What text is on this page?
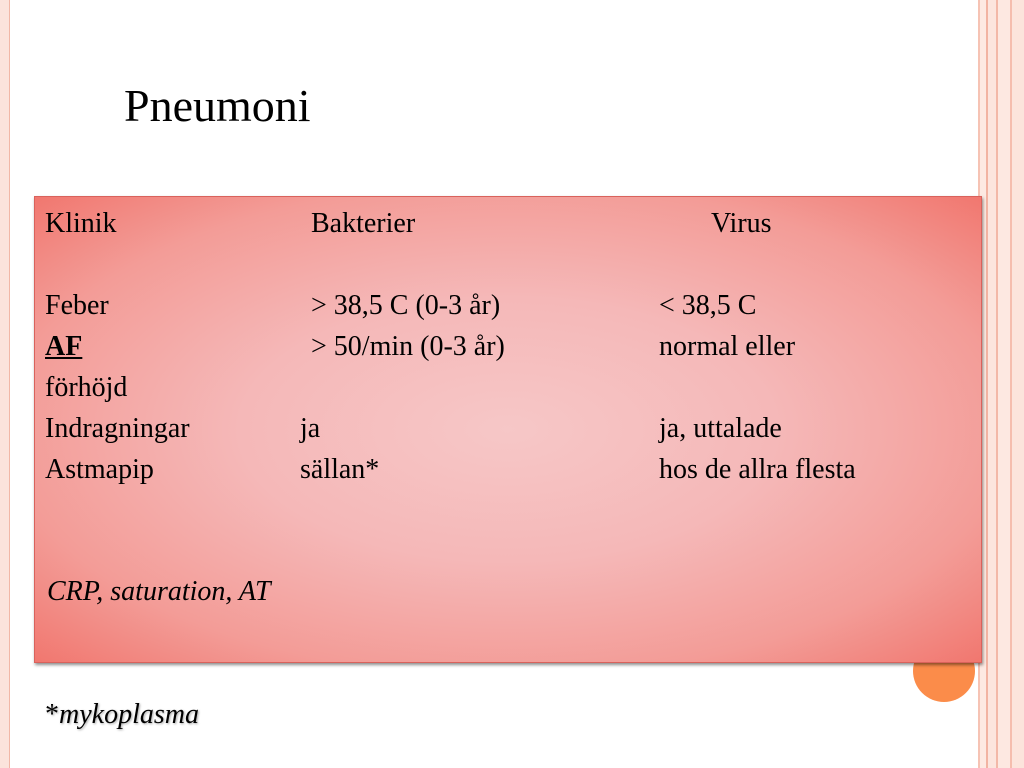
Pneumoni
Klinik	Bakterier	Virus
Feber	> 38,5 C (0-3 år)	< 38,5 C
AF	> 50/min (0-3 år)	normal eller
förhöjd
Indragningar	ja	ja, uttalade
Astmapip	sällan*	hos de allra flesta
CRP, saturation, AT
*mykoplasma
